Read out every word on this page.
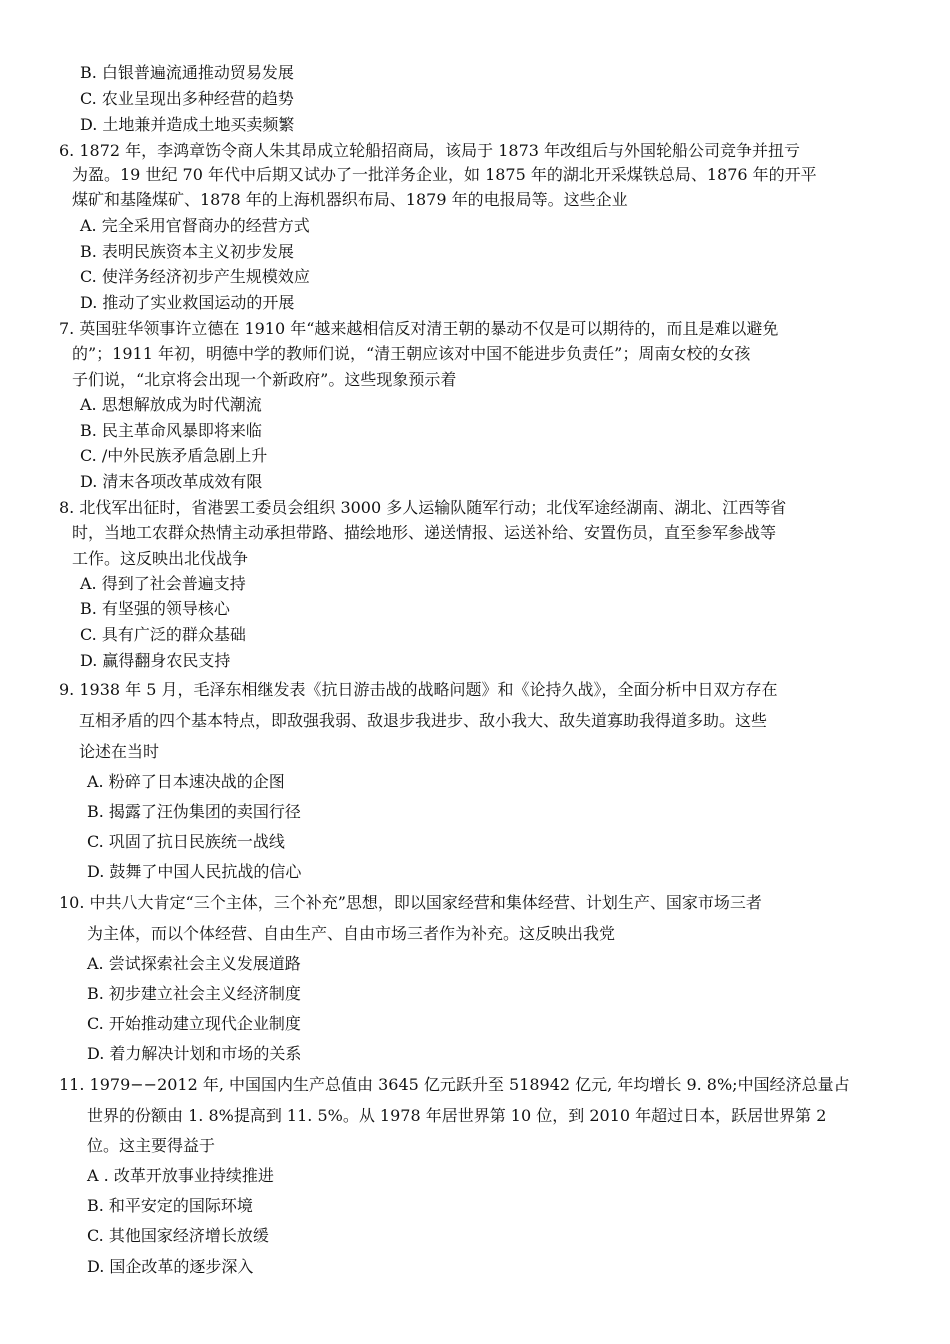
B. 白银普遍流通推动贸易发展
C. 农业呈现出多种经营的趋势
D. 土地兼并造成土地买卖频繁
6. 1872 年，李鸿章饬令商人朱其昂成立轮船招商局，该局于 1873 年改组后与外国轮船公司竞争并扭亏
为盈。19 世纪 70 年代中后期又试办了一批洋务企业，如 1875 年的湖北开采煤铁总局、1876 年的开平
煤矿和基隆煤矿、1878 年的上海机器织布局、1879 年的电报局等。这些企业
A. 完全采用官督商办的经营方式
B. 表明民族资本主义初步发展
C. 使洋务经济初步产生规模效应
D. 推动了实业救国运动的开展
7. 英国驻华领事许立德在 1910 年“越来越相信反对清王朝的暴动不仅是可以期待的，而且是难以避免
的”；1911 年初，明德中学的教师们说，“清王朝应该对中国不能进步负责任”；周南女校的女孩
子们说，“北京将会出现一个新政府”。这些现象预示着
A. 思想解放成为时代潮流
B. 民主革命风暴即将来临
C. /中外民族矛盾急剧上升
D. 清末各项改革成效有限
8. 北伐军出征时，省港罢工委员会组织 3000 多人运输队随军行动；北伐军途经湖南、湖北、江西等省
时，当地工农群众热情主动承担带路、描绘地形、递送情报、运送补给、安置伤员，直至参军参战等
工作。这反映出北伐战争
A. 得到了社会普遍支持
B. 有坚强的领导核心
C. 具有广泛的群众基础
D. 赢得翻身农民支持
9. 1938 年 5 月，毛泽东相继发表《抗日游击战的战略问题》和《论持久战》，全面分析中日双方存在
互相矛盾的四个基本特点，即敌强我弱、敌退步我进步、敌小我大、敌失道寡助我得道多助。这些
论述在当时
A. 粉碎了日本速决战的企图
B. 揭露了汪伪集团的卖国行径
C. 巩固了抗日民族统一战线
D. 鼓舞了中国人民抗战的信心
10. 中共八大肯定“三个主体，三个补充”思想，即以国家经营和集体经营、计划生产、国家市场三者
为主体，而以个体经营、自由生产、自由市场三者作为补充。这反映出我党
A. 尝试探索社会主义发展道路
B. 初步建立社会主义经济制度
C. 开始推动建立现代企业制度
D. 着力解决计划和市场的关系
11. 1979−−2012 年, 中国国内生产总值由 3645 亿元跃升至 518942 亿元, 年均增长 9. 8%;中国经济总量占
世界的份额由 1. 8%提高到 11. 5%。从 1978 年居世界第 10 位，到 2010 年超过日本，跃居世界第 2
位。这主要得益于
A . 改革开放事业持续推进
B. 和平安定的国际环境
C. 其他国家经济增长放缓
D. 国企改革的逐步深入
